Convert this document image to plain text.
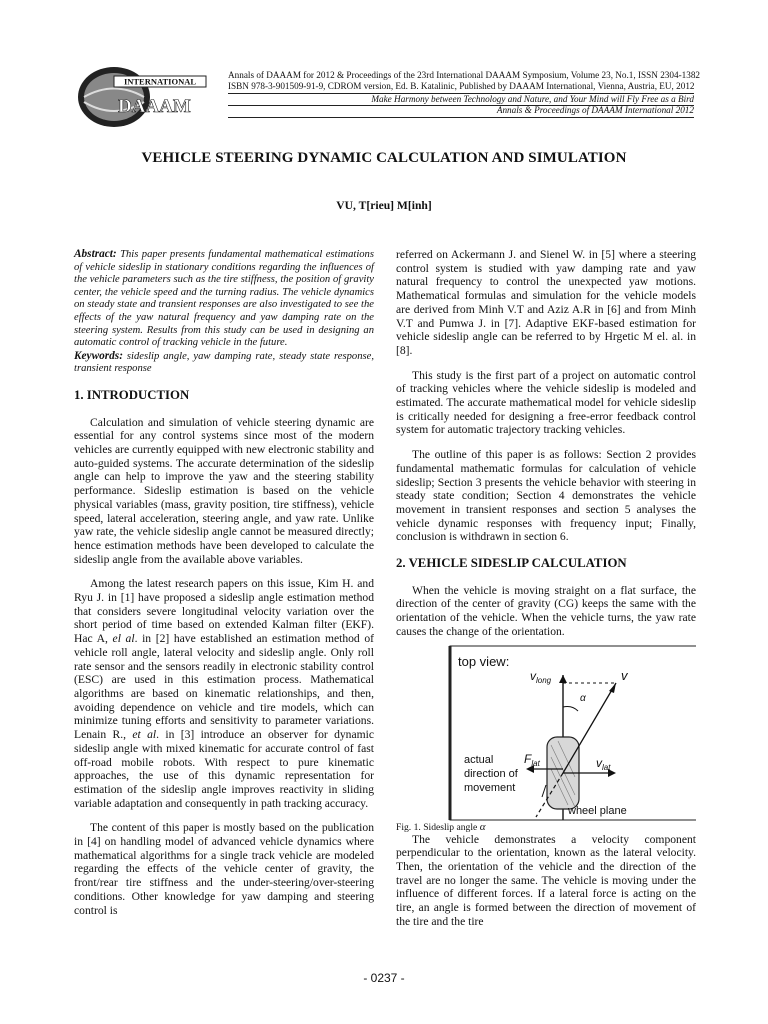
INTERNATIONAL
DAAAM
Annals of DAAAM for 2012 & Proceedings of the 23rd International DAAAM Symposium, Volume 23, No.1, ISSN 2304-1382
ISBN 978-3-901509-91-9, CDROM version, Ed. B. Katalinic, Published by DAAAM International, Vienna, Austria, EU, 2012
Make Harmony between Technology and Nature, and Your Mind will Fly Free as a Bird
Annals & Proceedings of DAAAM International 2012
VEHICLE STEERING DYNAMIC CALCULATION AND SIMULATION
VU, T[rieu] M[inh]

Abstract: This paper presents fundamental mathematical estimations of vehicle sideslip in stationary conditions regarding the influences of the vehicle parameters such as the tire stiffness, the position of gravity center, the vehicle speed and the turning radius. The vehicle dynamics on steady state and transient responses are also investigated to see the effects of the yaw natural frequency and yaw damping rate on the steering system. Results from this study can be used in designing an automatic control of tracking vehicle in the future.

Keywords: sideslip angle, yaw damping rate, steady state response, transient response

1. INTRODUCTION

Calculation and simulation of vehicle steering dynamic are essential for any control systems since most of the modern vehicles are currently equipped with new electronic stability and auto-guided systems. The accurate determination of the sideslip angle can help to improve the yaw and the steering stability performance. Sideslip estimation is based on the vehicle physical variables (mass, gravity position, tire stiffness), vehicle speed, lateral acceleration, steering angle, and yaw rate. Unlike yaw rate, the vehicle sideslip angle cannot be measured directly; hence estimation methods have been developed to calculate the sideslip angle from the available above variables.

Among the latest research papers on this issue, Kim H. and Ryu J. in [1] have proposed a sideslip angle estimation method that considers severe longitudinal velocity variation over the short period of time based on extended Kalman filter (EKF). Hac A, el al. in [2] have established an estimation method of vehicle roll angle, lateral velocity and sideslip angle. Only roll rate sensor and the sensors readily in electronic stability control (ESC) are used in this estimation process. Mathematical algorithms are based on kinematic relationships, and then, avoiding dependence on vehicle and tire models, which can minimize tuning efforts and sensitivity to parameter variations. Lenain R., et al. in [3] introduce an observer for dynamic sideslip angle with mixed kinematic for accurate control of fast off-road mobile robots. With respect to pure kinematic approaches, the use of this dynamic representation for estimation of the sideslip angle improves reactivity in sliding variable adaptation and consequently in path tracking accuracy.

The content of this paper is mostly based on the publication in [4] on handling model of advanced vehicle dynamics where mathematical algorithms for a single track vehicle are modeled regarding the effects of the vehicle center of gravity, the front/rear tire stiffness and the under-steering/over-steering conditions. Other knowledge for yaw damping and steering control is

referred on Ackermann J. and Sienel W. in [5] where a steering control system is studied with yaw damping rate and yaw natural frequency to control the unexpected yaw motions. Mathematical formulas and simulation for the vehicle models are derived from Minh V.T and Aziz A.R in [6] and from Minh V.T and Pumwa J. in [7]. Adaptive EKF-based estimation for vehicle sideslip angle can be referred to by Hrgetic M el. al. in [8].

This study is the first part of a project on automatic control of tracking vehicles where the vehicle sideslip is modeled and estimated. The accurate mathematical model for vehicle sideslip is critically needed for designing a free-error feedback control system for automatic trajectory tracking vehicles.

The outline of this paper is as follows: Section 2 provides fundamental mathematic formulas for calculation of vehicle sideslip; Section 3 presents the vehicle behavior with steering in steady state condition; Section 4 demonstrates the vehicle movement in transient responses and section 5 analyses the vehicle dynamic responses with frequency input; Finally, conclusion is withdrawn in section 6.

2. VEHICLE SIDESLIP CALCULATION

When the vehicle is moving straight on a flat surface, the direction of the center of gravity (CG) keeps the same with the orientation of the vehicle. When the vehicle turns, the yaw rate causes the change of the orientation.

top view:
$v_{long}$	v
α
$F_{lat}$	$v_{lat}$
actual
direction of
movement
wheel plane
Fig. 1. Sideslip angle α

The vehicle demonstrates a velocity component perpendicular to the orientation, known as the lateral velocity. Then, the orientation of the vehicle and the direction of the travel are no longer the same. The vehicle is moving under the influence of different forces. If a lateral force is acting on the tire, an angle is formed between the direction of movement of the tire and the tire

- 0237 -
